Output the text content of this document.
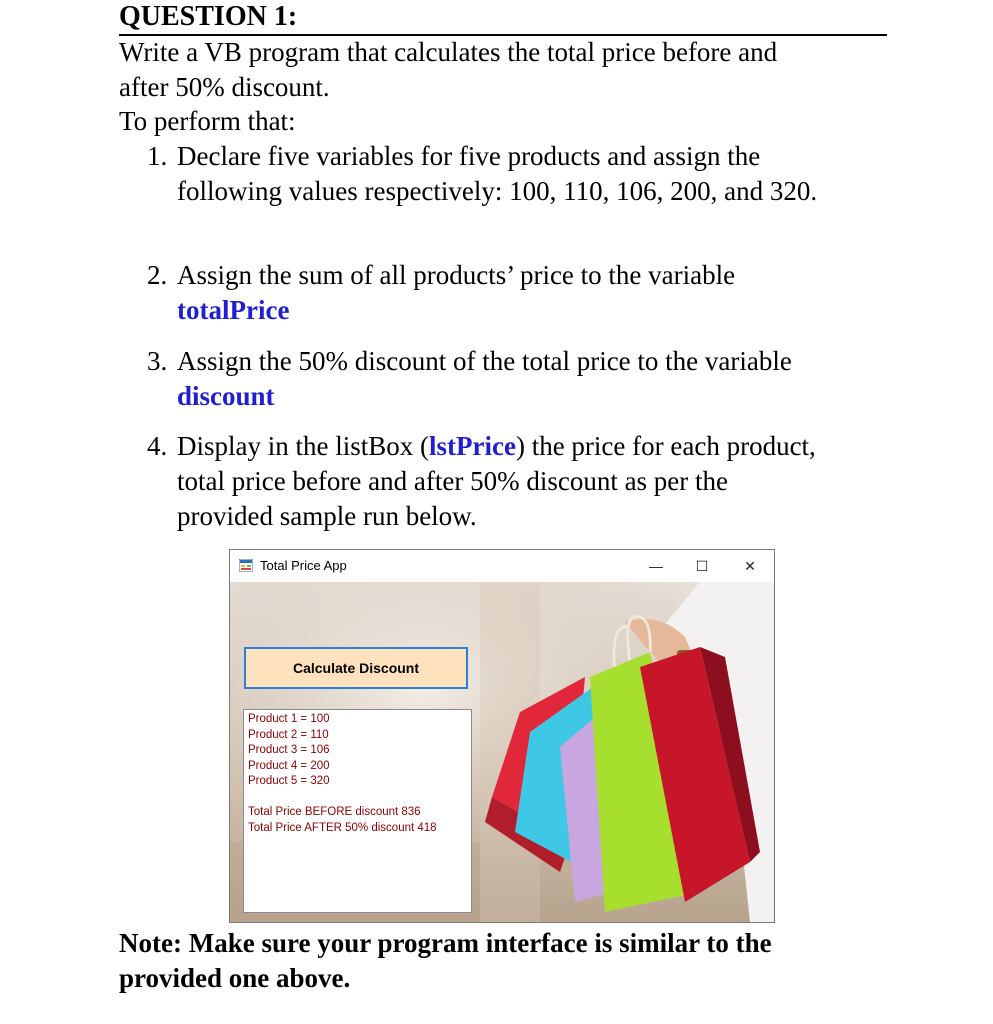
QUESTION 1:
Write a VB program that calculates the total price before and
after 50% discount.
To perform that:
1. Declare five variables for five products and assign the
following values respectively: 100, 110, 106, 200, and 320.
2. Assign the sum of all products’ price to the variable
totalPrice
3. Assign the 50% discount of the total price to the variable
discount
4. Display in the listBox (lstPrice) the price for each product,
total price before and after 50% discount as per the
provided sample run below.
Note: Make sure your program interface is similar to the
provided one above.
Total Price App	—	☐	✕
Calculate Discount
Product 1 = 100
Product 2 = 110
Product 3 = 106
Product 4 = 200
Product 5 = 320
Total Price BEFORE discount 836
Total Price AFTER 50% discount 418
